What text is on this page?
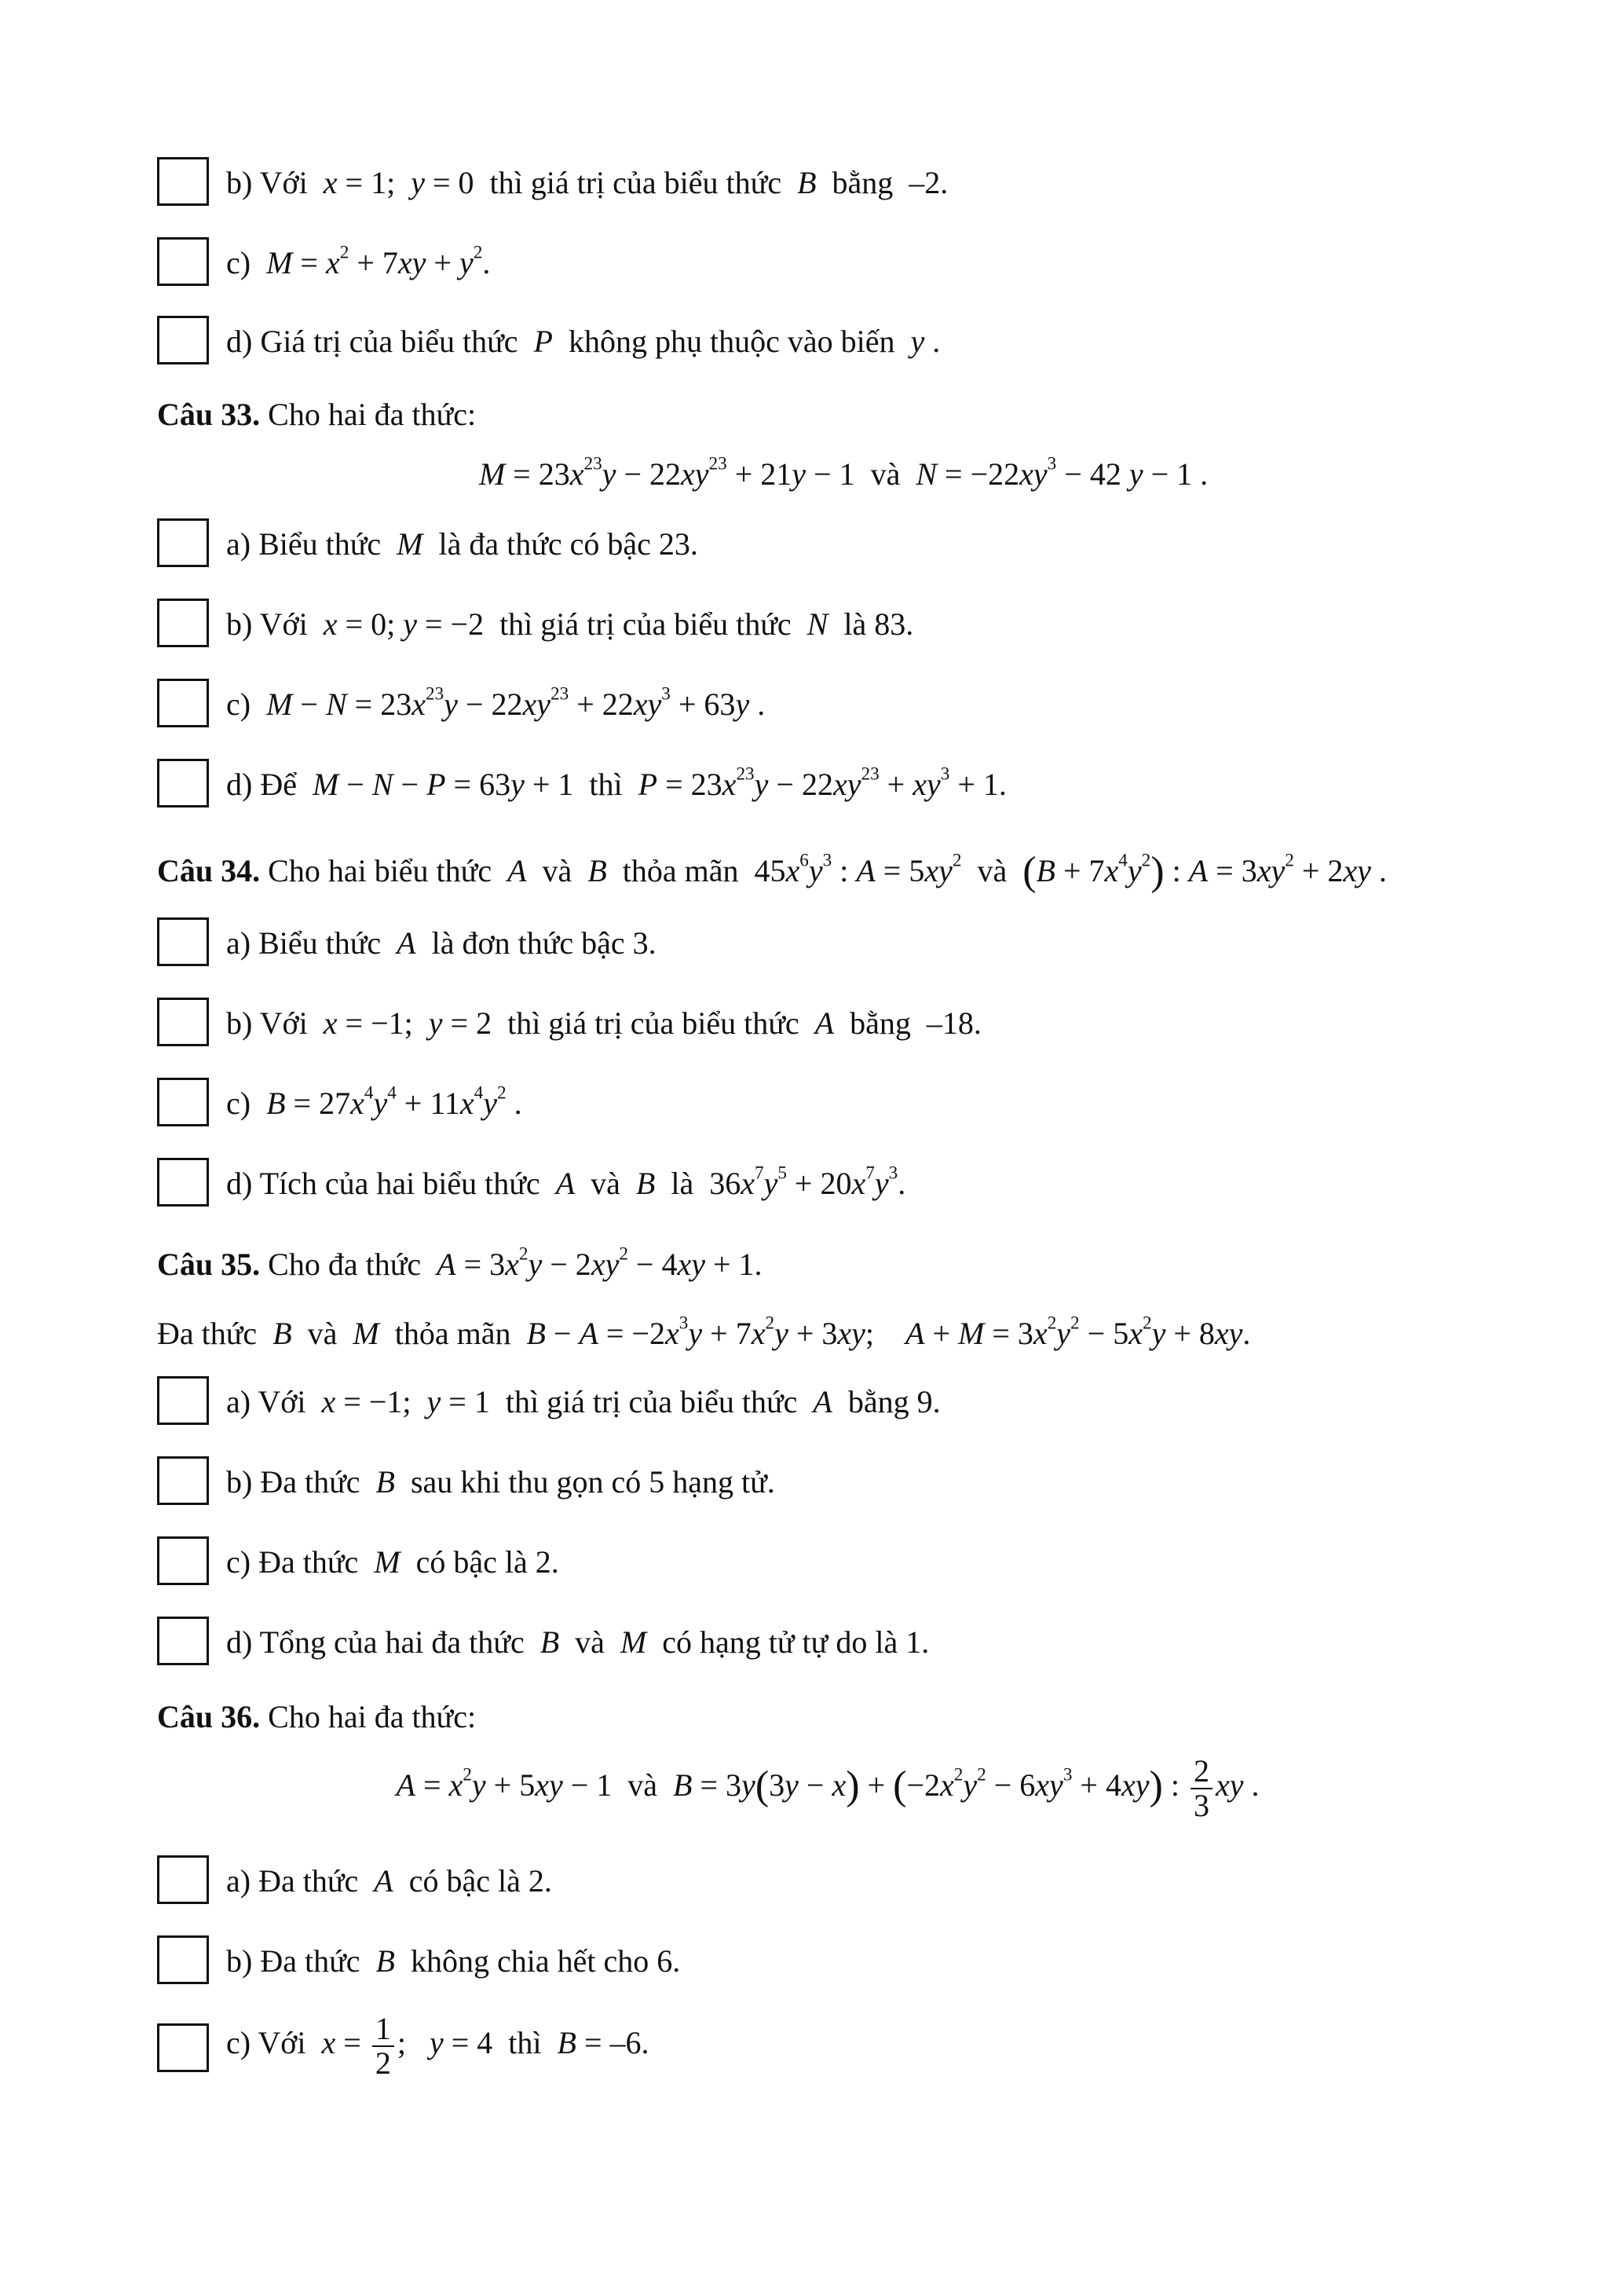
b) Với  x = 1;  y = 0  thì giá trị của biểu thức  B  bằng  –2.
c)  $M = x^2 + 7xy + y^2$.
d) Giá trị của biểu thức  P  không phụ thuộc vào biến  y .
Câu 33. Cho hai đa thức:
$M = 23x^{23}y - 22xy^{23} + 21y - 1$  và  $N = -22xy^3 - 42$ y − 1 .
a) Biểu thức  M  là đa thức có bậc 23.
b) Với  x = 0; y = −2  thì giá trị của biểu thức  N  là 83.
c)  $M - N = 23x^{23}y - 22xy^{23} + 22xy^3 + 63y$ .
d) Để  M − N − P = 63y + 1  thì  $P = 23x^{23}y - 22xy^{23} + xy^3 + 1$.
Câu 34. Cho hai biểu thức  A  và  B  thỏa mãn  $45x^6y^3$ : $A = 5xy^2$  và  $(B + 7x^4y^2)$ : $A = 3xy^2 + 2xy$ .
a) Biểu thức  A  là đơn thức bậc 3.
b) Với  x = −1;  y = 2  thì giá trị của biểu thức  A  bằng  –18.
c)  $B = 27x^4y^4 + 11x^4y^2$ .
d) Tích của hai biểu thức  A  và  B  là  $36x^7y^5 + 20x^7y^3$.
Câu 35. Cho đa thức  $A = 3x^2y - 2xy^2 - 4xy + 1$.
Đa thức  B  và  M  thỏa mãn  $B - A = -2x^3y + 7x^2y + 3xy$;    $A + M = 3x^2y^2 - 5x^2y + 8xy$.
a) Với  x = −1;  y = 1  thì giá trị của biểu thức  A  bằng 9.
b) Đa thức  B  sau khi thu gọn có 5 hạng tử.
c) Đa thức  M  có bậc là 2.
d) Tổng của hai đa thức  B  và  M  có hạng tử tự do là 1.
Câu 36. Cho hai đa thức:
$A = x^2y + 5xy - 1$  và  $B = 3y(3y - x) + (-2x^2y^2 - 6xy^3 + 4xy)$ : $\frac{2}{3}$ xy .
a) Đa thức  A  có bậc là 2.
b) Đa thức  B  không chia hết cho 6.
c) Với  $x = \frac{1}{2}$ ;   y = 4  thì  B = –6.
